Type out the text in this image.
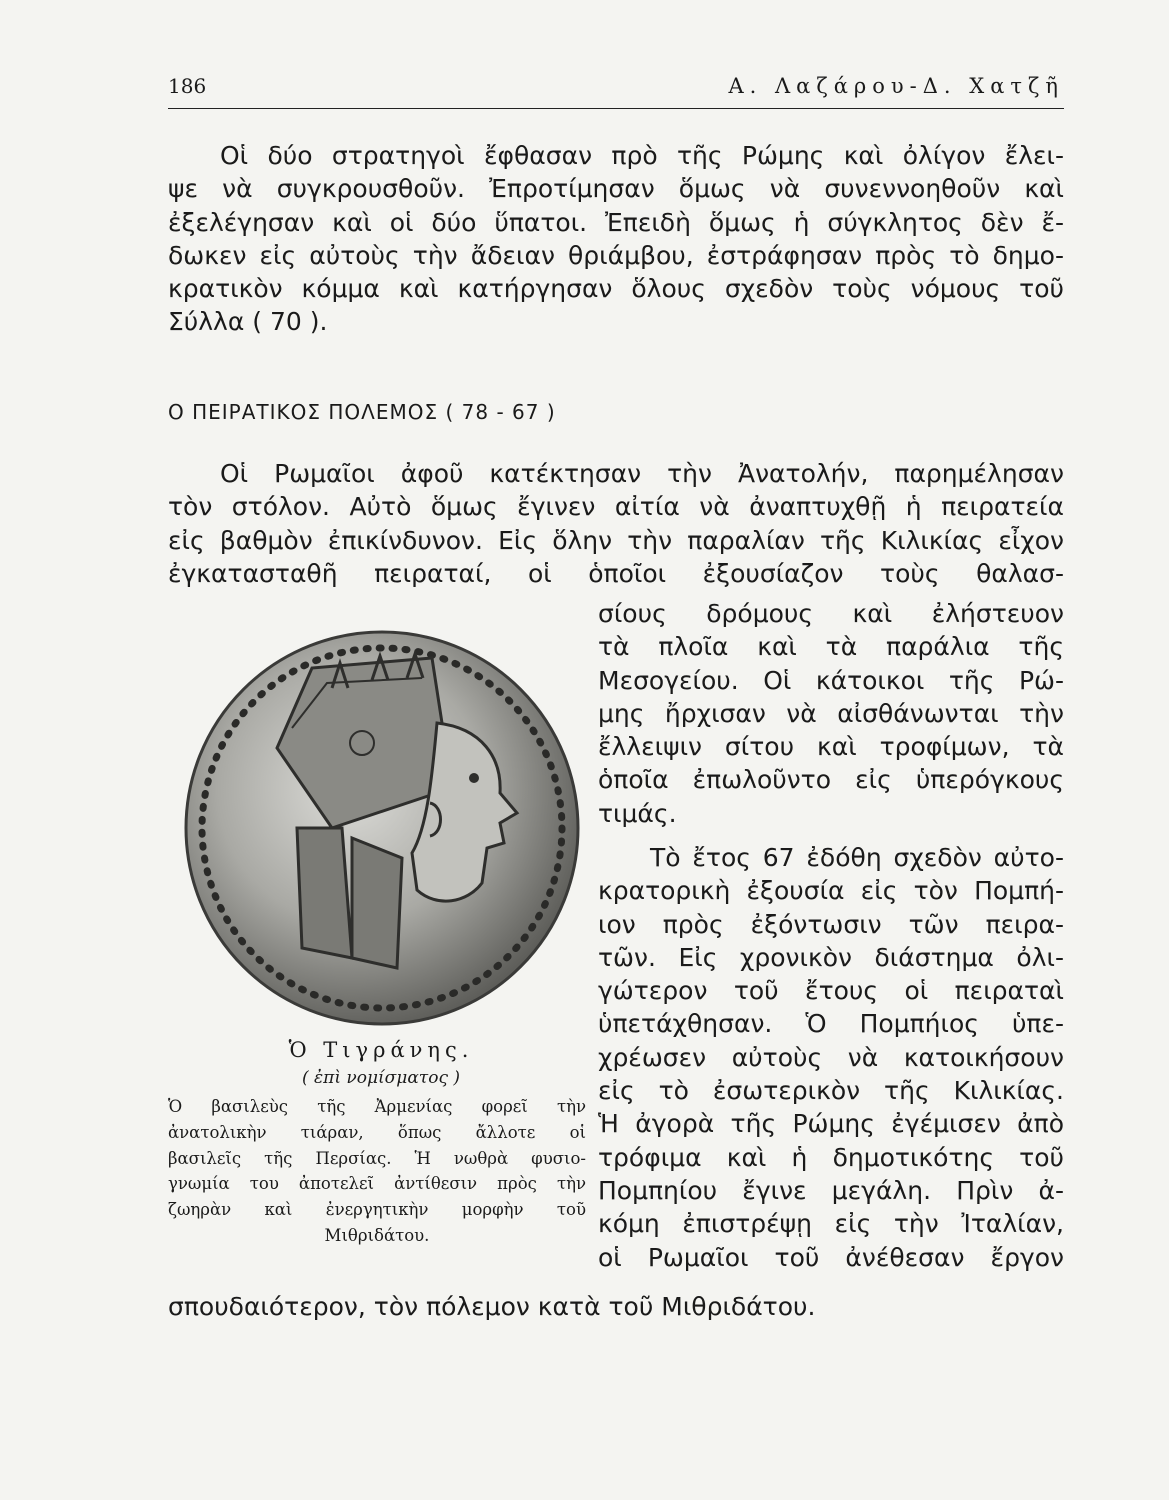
186	Α. Λαζάρου-Δ. Χατζῆ
Οἱ δύο στρατηγοὶ ἔφθασαν πρὸ τῆς Ρώμης καὶ ὀλίγον ἔλει-
ψε νὰ συγκρουσθοῦν. Ἐπροτίμησαν ὅμως νὰ συνεννοηθοῦν καὶ
ἐξελέγησαν καὶ οἱ δύο ὕπατοι. Ἐπειδὴ ὅμως ἡ σύγκλητος δὲν ἔ-
δωκεν εἰς αὐτοὺς τὴν ἄδειαν θριάμβου, ἐστράφησαν πρὸς τὸ δημο-
κρατικὸν κόμμα καὶ κατήργησαν ὅλους σχεδὸν τοὺς νόμους τοῦ
Σύλλα ( 70 ).
Ο ΠΕΙΡΑΤΙΚΟΣ ΠΟΛΕΜΟΣ ( 78 - 67 )
Οἱ Ρωμαῖοι ἀφοῦ κατέκτησαν τὴν Ἀνατολήν, παρημέλησαν
τὸν στόλον. Αὐτὸ ὅμως ἔγινεν αἰτία νὰ ἀναπτυχθῇ ἡ πειρατεία
εἰς βαθμὸν ἐπικίνδυνον. Εἰς ὅλην τὴν παραλίαν τῆς Κιλικίας εἶχον
ἐγκατασταθῆ πειραταί, οἱ ὁποῖοι ἐξουσίαζον τοὺς θαλασ-
σίους δρόμους καὶ ἐλήστευον
τὰ πλοῖα καὶ τὰ παράλια τῆς
Μεσογείου. Οἱ κάτοικοι τῆς Ρώ-
μης ἤρχισαν νὰ αἰσθάνωνται τὴν
ἔλλειψιν σίτου καὶ τροφίμων, τὰ
ὁποῖα ἐπωλοῦντο εἰς ὑπερόγκους
τιμάς.
Τὸ ἔτος 67 ἐδόθη σχεδὸν αὐτο-
κρατορικὴ ἐξουσία εἰς τὸν Πομπή-
ιον πρὸς ἐξόντωσιν τῶν πειρα-
τῶν. Εἰς χρονικὸν διάστημα ὀλι-
γώτερον τοῦ ἔτους οἱ πειραταὶ
ὑπετάχθησαν. Ὁ Πομπήιος ὑπε-
χρέωσεν αὐτοὺς νὰ κατοικήσουν
εἰς τὸ ἐσωτερικὸν τῆς Κιλικίας.
Ἡ ἀγορὰ τῆς Ρώμης ἐγέμισεν ἀπὸ
τρόφιμα καὶ ἡ δημοτικότης τοῦ
Πομπηίου ἔγινε μεγάλη. Πρὶν ἀ-
κόμη ἐπιστρέψῃ εἰς τὴν Ἰταλίαν,
οἱ Ρωμαῖοι τοῦ ἀνέθεσαν ἔργον
σπουδαιότερον, τὸν πόλεμον κατὰ τοῦ Μιθριδάτου.
Ὁ Τιγράνης.
( ἐπὶ νομίσματος )
Ὁ βασιλεὺς τῆς Ἀρμενίας φορεῖ τὴν
ἀνατολικὴν τιάραν, ὅπως ἄλλοτε οἱ
βασιλεῖς τῆς Περσίας. Ἡ νωθρὰ φυσιο-
γνωμία του ἀποτελεῖ ἀντίθεσιν πρὸς τὴν
ζωηρὰν καὶ ἐνεργητικὴν μορφὴν τοῦ
Μιθριδάτου.
